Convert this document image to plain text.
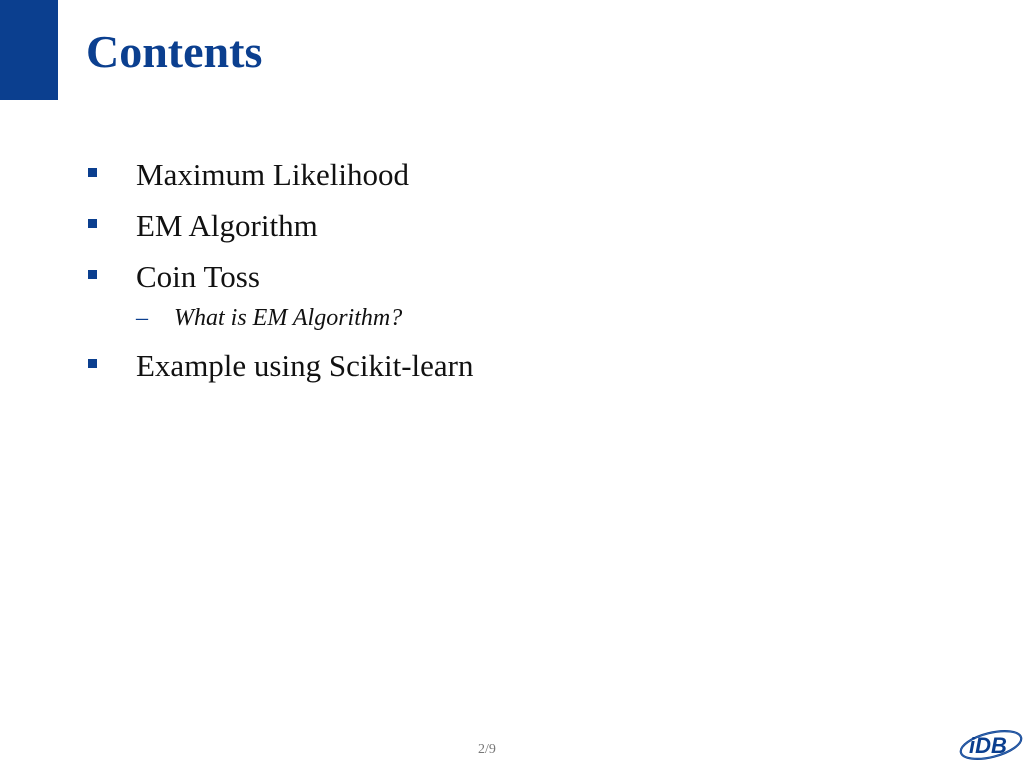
Contents
Maximum Likelihood
EM Algorithm
Coin Toss
– What is EM Algorithm?
Example using Scikit-learn
2/9	iDB
